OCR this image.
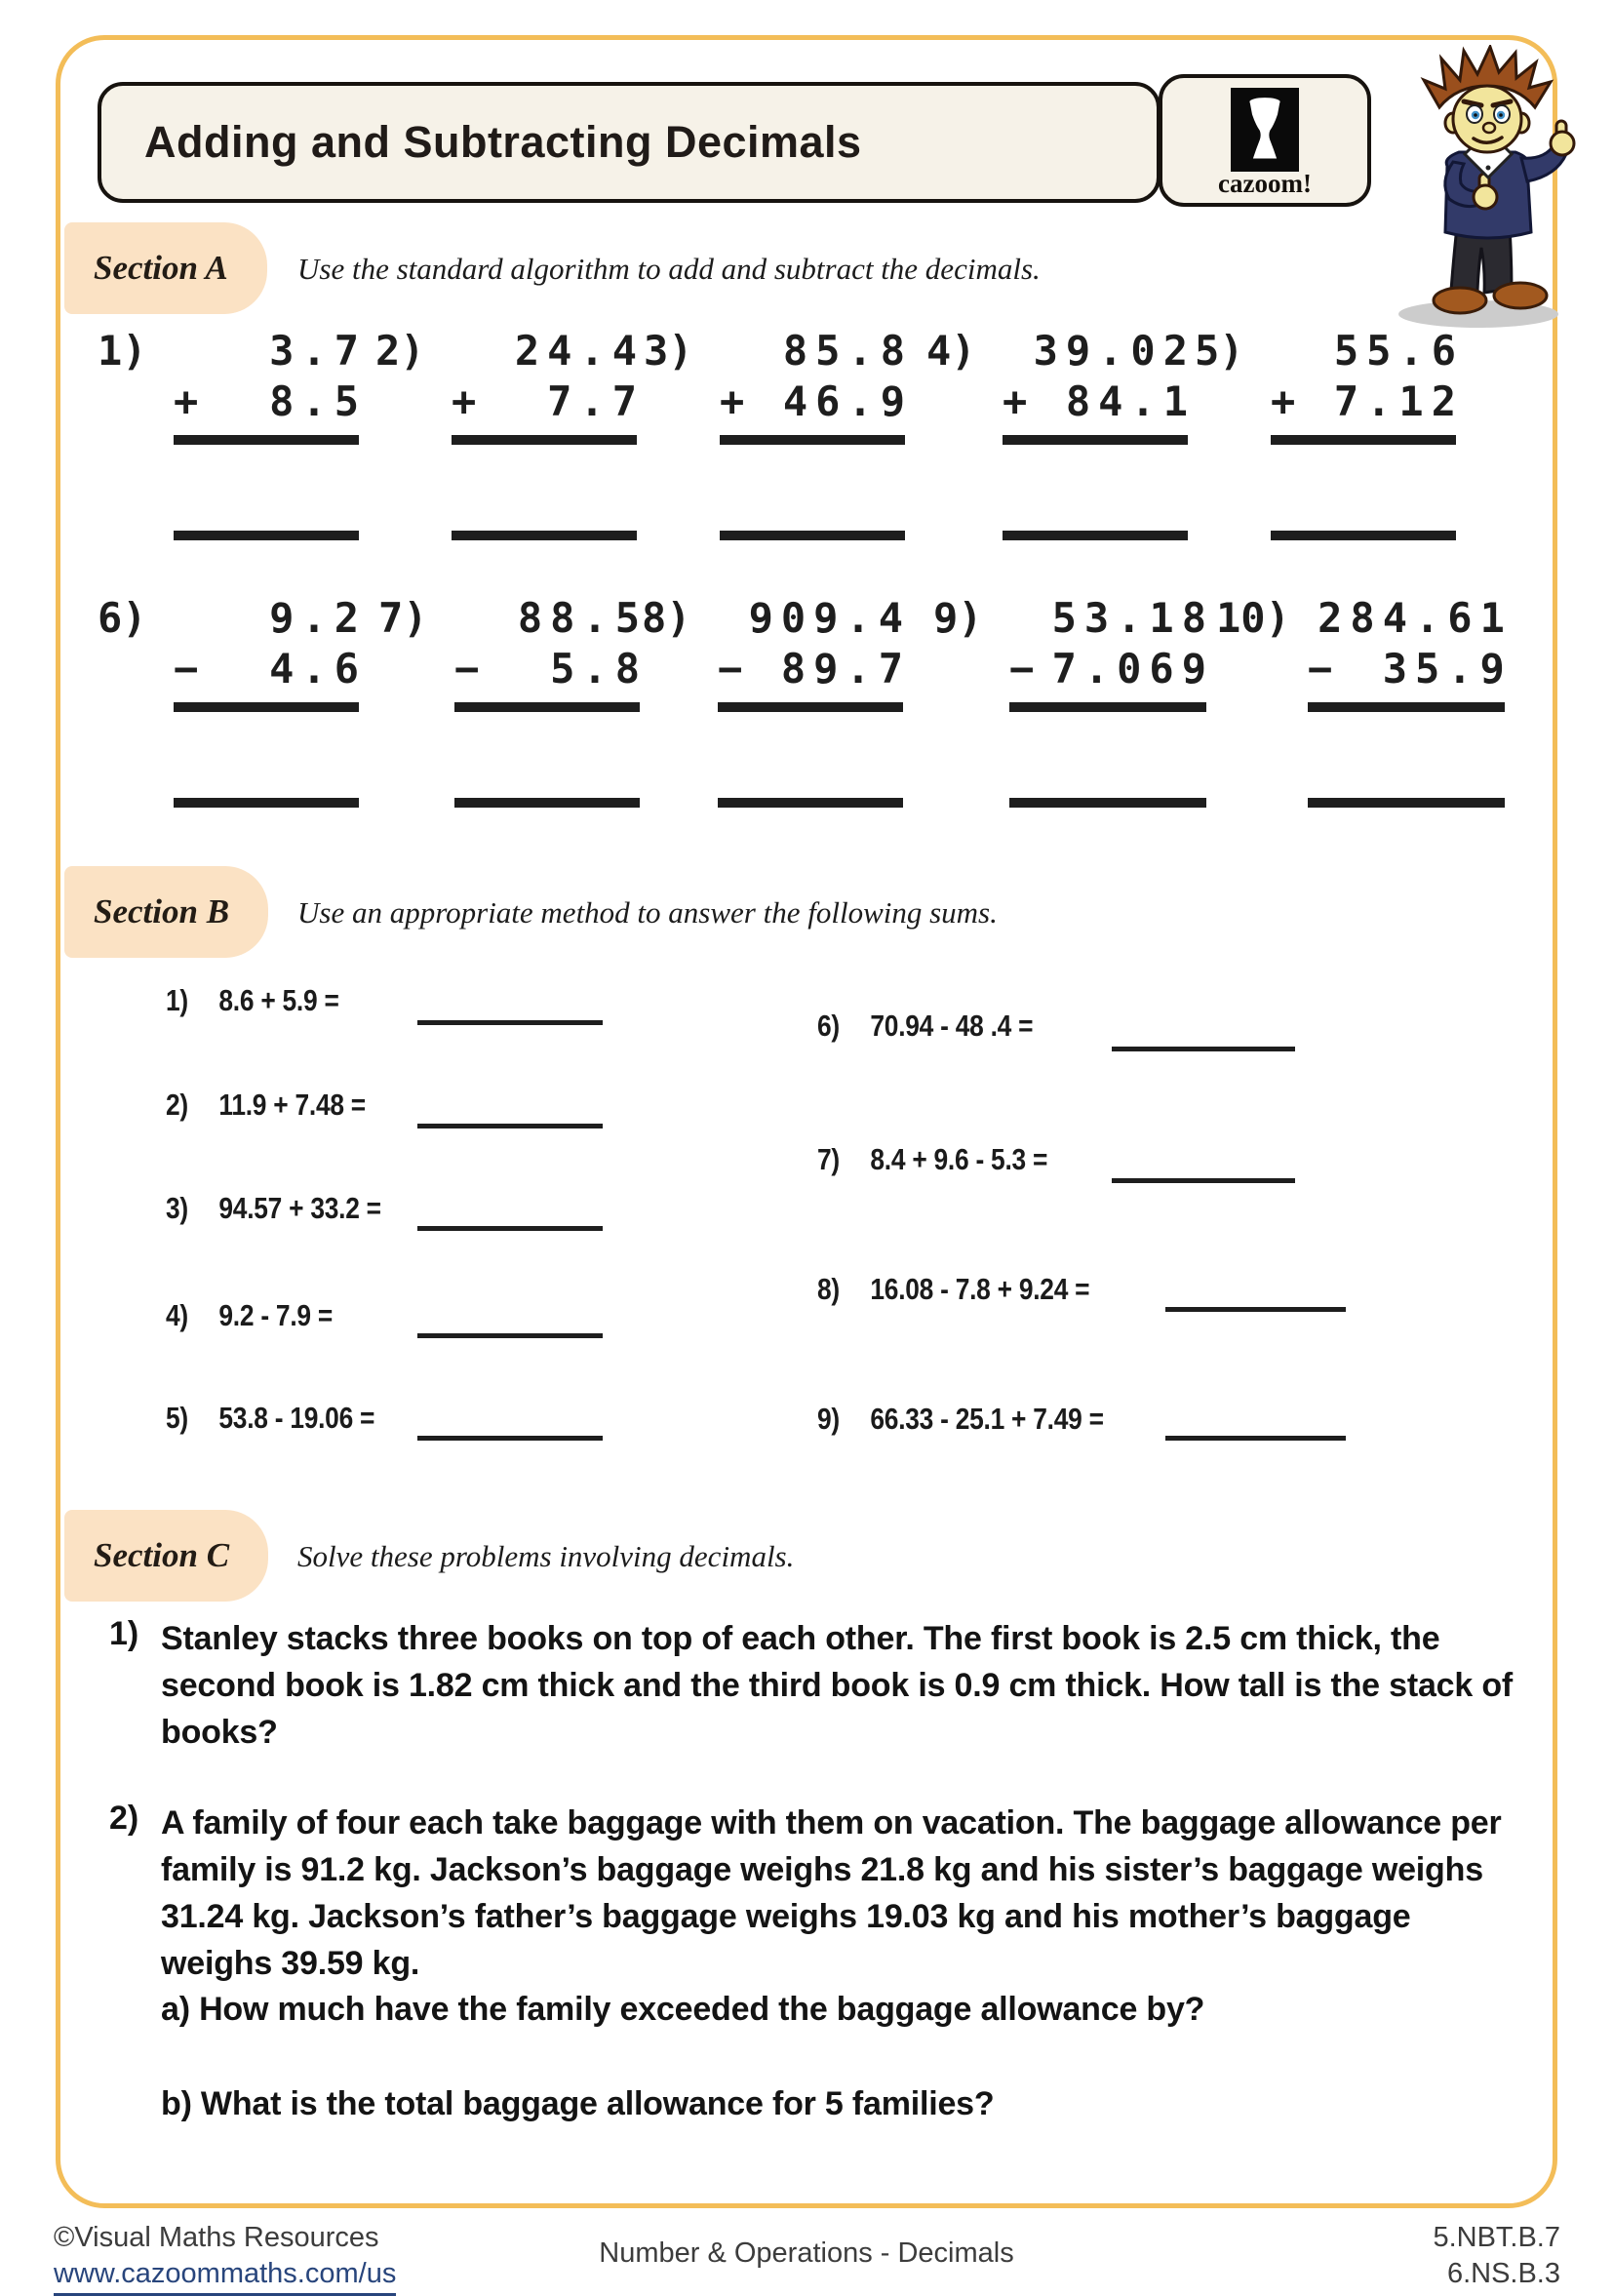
Adding and Subtracting Decimals
cazoom!
Section A Use the standard algorithm to add and subtract the decimals.
1)	3.7
+ 8.5
2)	24.4
+ 7.7
3)	85.8
+ 46.9
4)	39.02
+ 84.1
5)	55.6
+ 7.12
6)	9.2
− 4.6
7)	88.5
− 5.8
8)	909.4
− 89.7
9)	53.18
− 7.069
10) 284.61
− 35.9
Section B Use an appropriate method to answer the following sums.
1)	8.6 + 5.9 =
2)	11.9 + 7.48 =
3)	94.57 + 33.2 =
4)	9.2 - 7.9 =
5)	53.8 - 19.06 =
6)	70.94 - 48 .4 =
7)	8.4 + 9.6 - 5.3 =
8)	16.08 - 7.8 + 9.24 =
9)	66.33 - 25.1 + 7.49 =
Section C Solve these problems involving decimals.
1) Stanley stacks three books on top of each other. The first book is 2.5 cm thick, the second book is 1.82 cm thick and the third book is 0.9 cm thick. How tall is the stack of books?
2) A family of four each take baggage with them on vacation. The baggage allowance per family is 91.2 kg. Jackson’s baggage weighs 21.8 kg and his sister’s baggage weighs 31.24 kg. Jackson’s father’s baggage weighs 19.03 kg and his mother’s baggage weighs 39.59 kg.
a) How much have the family exceeded the baggage allowance by?
b) What is the total baggage allowance for 5 families?
©Visual Maths Resources
www.cazoommaths.com/us
Number & Operations - Decimals	5.NBT.B.7
6.NS.B.3
